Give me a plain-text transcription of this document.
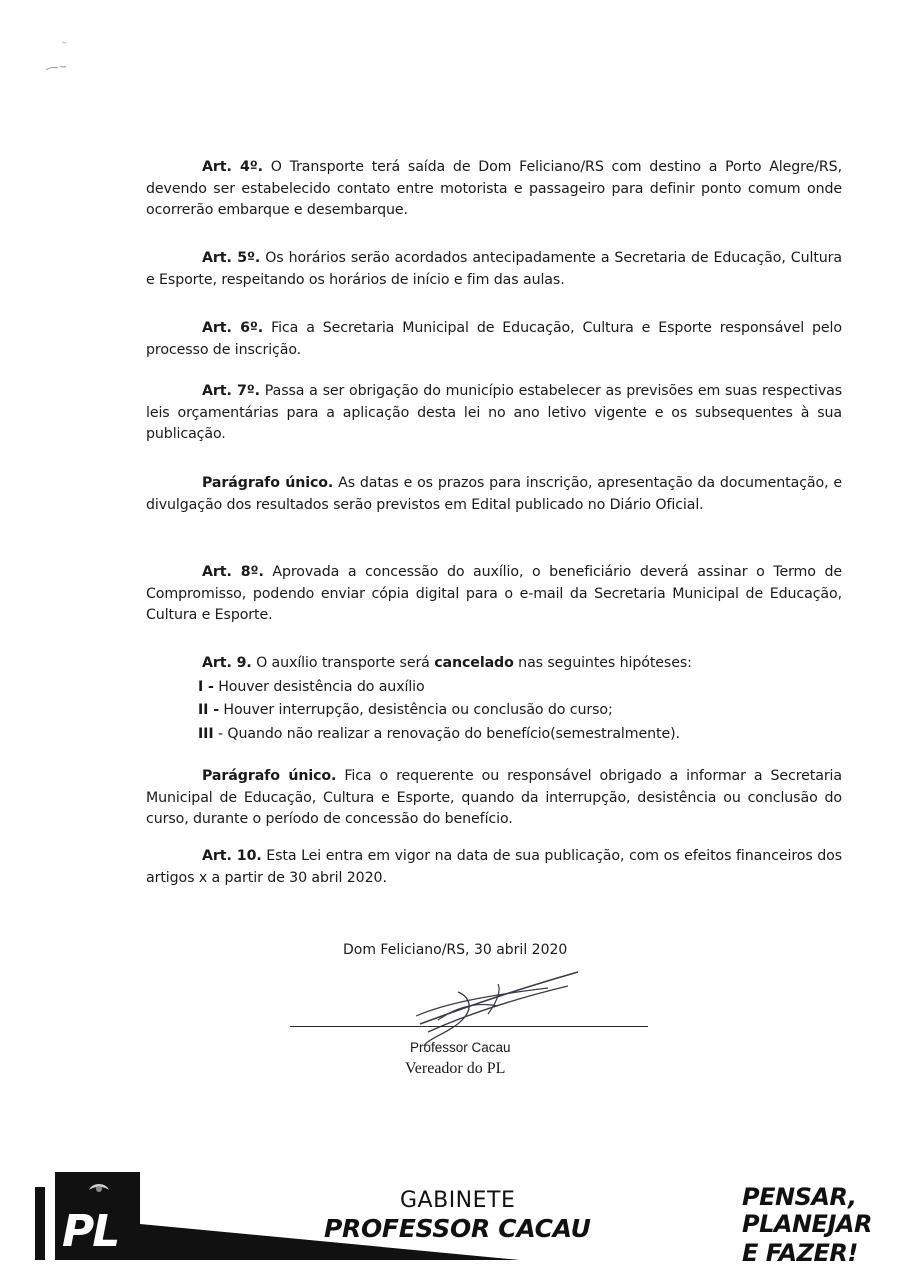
Art. 4º. O Transporte terá saída de Dom Feliciano/RS com destino a Porto Alegre/RS, devendo ser estabelecido contato entre motorista e passageiro para definir ponto comum onde ocorrerão embarque e desembarque.

Art. 5º. Os horários serão acordados antecipadamente a Secretaria de Educação, Cultura e Esporte, respeitando os horários de início e fim das aulas.

Art. 6º. Fica a Secretaria Municipal de Educação, Cultura e Esporte responsável pelo processo de inscrição.

Art. 7º. Passa a ser obrigação do município estabelecer as previsões em suas respectivas leis orçamentárias para a aplicação desta lei no ano letivo vigente e os subsequentes à sua publicação.

Parágrafo único. As datas e os prazos para inscrição, apresentação da documentação, e divulgação dos resultados serão previstos em Edital publicado no Diário Oficial.

Art. 8º. Aprovada a concessão do auxílio, o beneficiário deverá assinar o Termo de Compromisso, podendo enviar cópia digital para o e-mail da Secretaria Municipal de Educação, Cultura e Esporte.

Art. 9. O auxílio transporte será cancelado nas seguintes hipóteses:

I - Houver desistência do auxílio

II - Houver interrupção, desistência ou conclusão do curso;

III - Quando não realizar a renovação do benefício(semestralmente).

Parágrafo único. Fica o requerente ou responsável obrigado a informar a Secretaria Municipal de Educação, Cultura e Esporte, quando da interrupção, desistência ou conclusão do curso, durante o período de concessão do benefício.

Art. 10. Esta Lei entra em vigor na data de sua publicação, com os efeitos financeiros dos artigos x a partir de 30 abril 2020.

Dom Feliciano/RS, 30 abril 2020
Professor Cacau
Vereador do PL
PL
GABINETE
PROFESSOR CACAU
PENSAR,
PLANEJAR
E FAZER!
